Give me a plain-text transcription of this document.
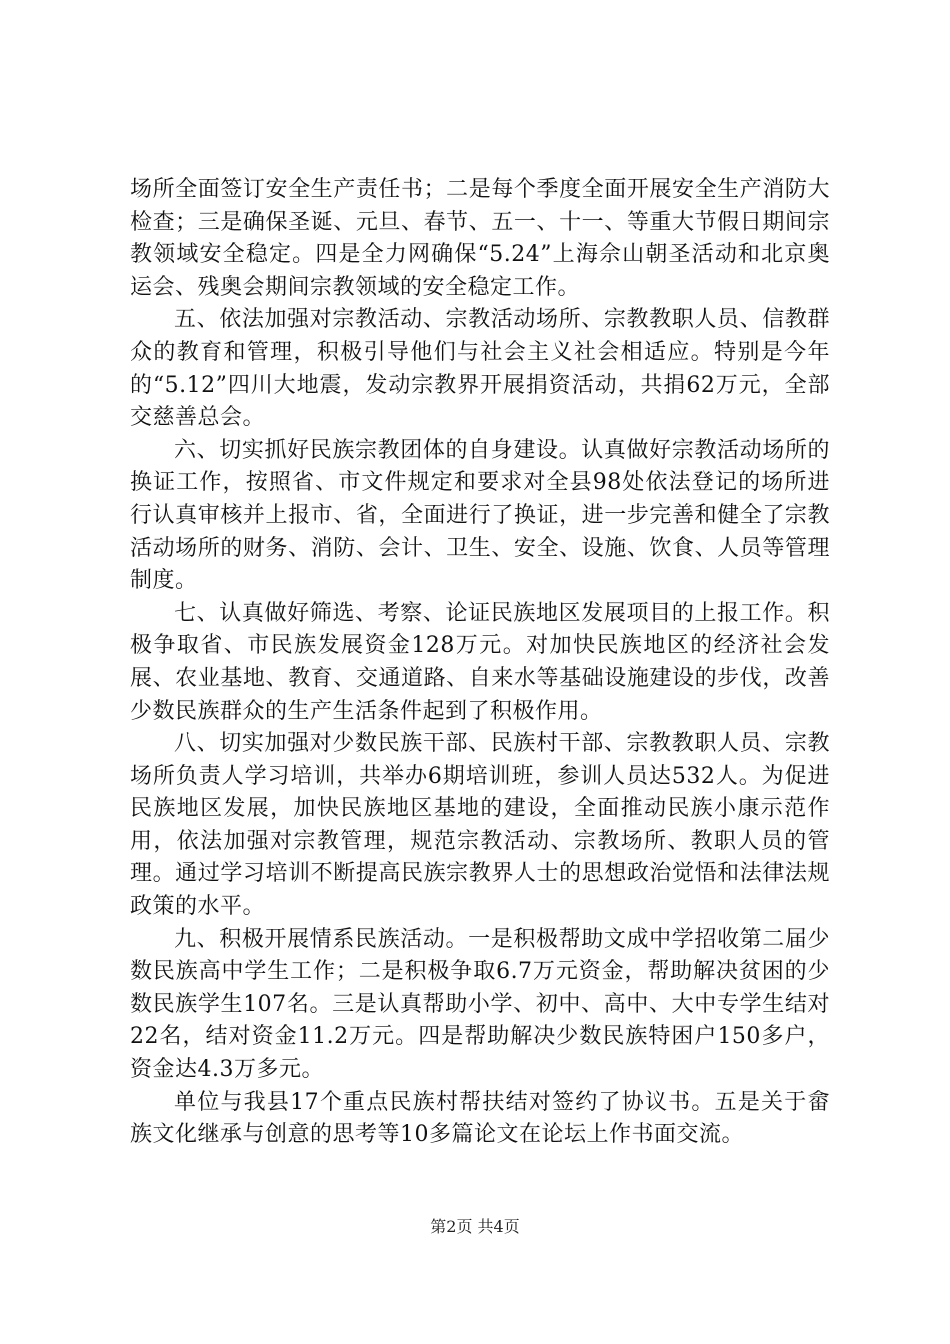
场所全面签订安全生产责任书；二是每个季度全面开展安全生产消防大检查；三是确保圣诞、元旦、春节、五一、十一、等重大节假日期间宗教领域安全稳定。四是全力网确保“5.24”上海佘山朝圣活动和北京奥运会、残奥会期间宗教领域的安全稳定工作。

五、依法加强对宗教活动、宗教活动场所、宗教教职人员、信教群众的教育和管理，积极引导他们与社会主义社会相适应。特别是今年的“5.12”四川大地震，发动宗教界开展捐资活动，共捐62万元，全部交慈善总会。

六、切实抓好民族宗教团体的自身建设。认真做好宗教活动场所的换证工作，按照省、市文件规定和要求对全县98处依法登记的场所进行认真审核并上报市、省，全面进行了换证，进一步完善和健全了宗教活动场所的财务、消防、会计、卫生、安全、设施、饮食、人员等管理制度。

七、认真做好筛选、考察、论证民族地区发展项目的上报工作。积极争取省、市民族发展资金128万元。对加快民族地区的经济社会发展、农业基地、教育、交通道路、自来水等基础设施建设的步伐，改善少数民族群众的生产生活条件起到了积极作用。

八、切实加强对少数民族干部、民族村干部、宗教教职人员、宗教场所负责人学习培训，共举办6期培训班，参训人员达532人。为促进民族地区发展，加快民族地区基地的建设，全面推动民族小康示范作用，依法加强对宗教管理，规范宗教活动、宗教场所、教职人员的管理。通过学习培训不断提高民族宗教界人士的思想政治觉悟和法律法规政策的水平。

九、积极开展情系民族活动。一是积极帮助文成中学招收第二届少数民族高中学生工作；二是积极争取6.7万元资金，帮助解决贫困的少数民族学生107名。三是认真帮助小学、初中、高中、大中专学生结对22名，结对资金11.2万元。四是帮助解决少数民族特困户150多户，资金达4.3万多元。

单位与我县17个重点民族村帮扶结对签约了协议书。五是关于畲族文化继承与创意的思考等10多篇论文在论坛上作书面交流。

第2页 共4页
